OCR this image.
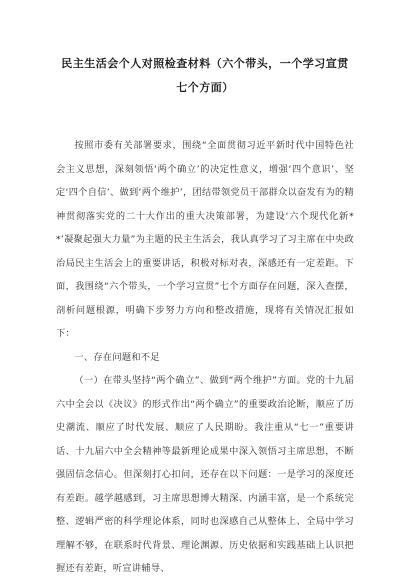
民主生活会个人对照检查材料（六个带头，一个学习宣贯
七个方面）

按照市委有关部署要求，围绕“全面贯彻习近平新时代中国特色社会主义思想，深刻领悟‘两个确立’的决定性意义，增强‘四个意识’、坚定‘四个自信’、做到‘两个维护’，团结带领党员干部群众以奋发有为的精神贯彻落实党的二十大作出的重大决策部署，为建设‘六个现代化新**’凝聚起强大力量”为主题的民主生活会，我认真学习了习主席在中央政治局民主生活会上的重要讲话，积极对标对表，深感还有一定差距。下面，我围绕“六个带头，一个学习宣贯”七个方面存在问题，深入查摆，剖析问题根源，明确下步努力方向和整改措施，现将有关情况汇报如下：

一、存在问题和不足

（一）在带头坚持“两个确立”、做到“两个维护”方面。党的十九届六中全会以《决议》的形式作出“两个确立”的重要政治论断，顺应了历史潮流、顺应了时代发展、顺应了人民期盼。我注重从“七一”重要讲话、十九届六中全会精神等最新理论成果中深入领悟习主席思想，不断强固信念信心。但深刻打心扣问，还存在以下问题：一是学习的深度还有差距。越学越感到，习主席思想博大精深、内涵丰富，是一个系统完整、逻辑严密的科学理论体系，同时也深感自己从整体上、全局中学习理解不够，在联系时代背景、理论渊源、历史依据和实践基础上认识把握还有差距，听宣讲辅导、
